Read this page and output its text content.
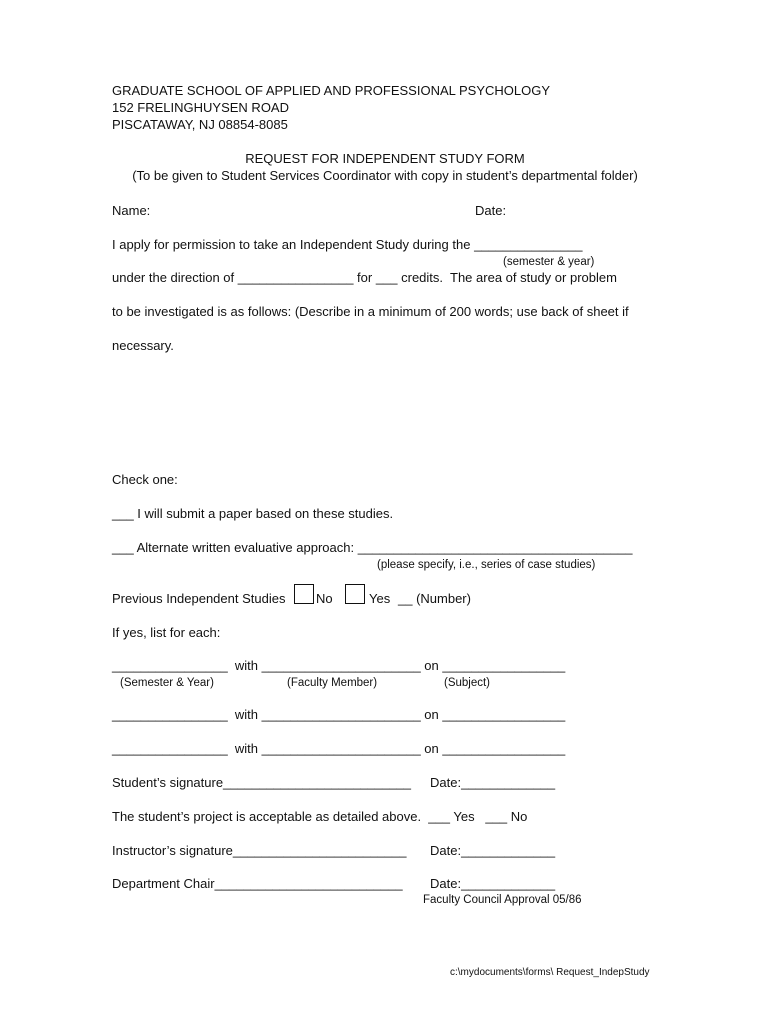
GRADUATE SCHOOL OF APPLIED AND PROFESSIONAL PSYCHOLOGY
152 FRELINGHUYSEN ROAD
PISCATAWAY, NJ 08854-8085
REQUEST FOR INDEPENDENT STUDY FORM
(To be given to Student Services Coordinator with copy in student’s departmental folder)
Name:	Date:
I apply for permission to take an Independent Study during the _______________
(semester & year)
under the direction of ________________ for ___ credits.  The area of study or problem
to be investigated is as follows: (Describe in a minimum of 200 words; use back of sheet if
necessary.
Check one:
___ I will submit a paper based on these studies.
___ Alternate written evaluative approach: ______________________________________
(please specify, i.e., series of case studies)
Previous Independent Studies No	Yes __ (Number)
If yes, list for each:
________________  with ______________________ on _________________
(Semester & Year)	(Faculty Member)	(Subject)
________________  with ______________________ on _________________
________________  with ______________________ on _________________
Student’s signature__________________________ Date:_____________
The student’s project is acceptable as detailed above.  ___ Yes   ___ No
Instructor’s signature________________________ Date:_____________
Department Chair__________________________ Date:_____________
Faculty Council Approval 05/86
c:\mydocuments\forms\ Request_IndepStudy
